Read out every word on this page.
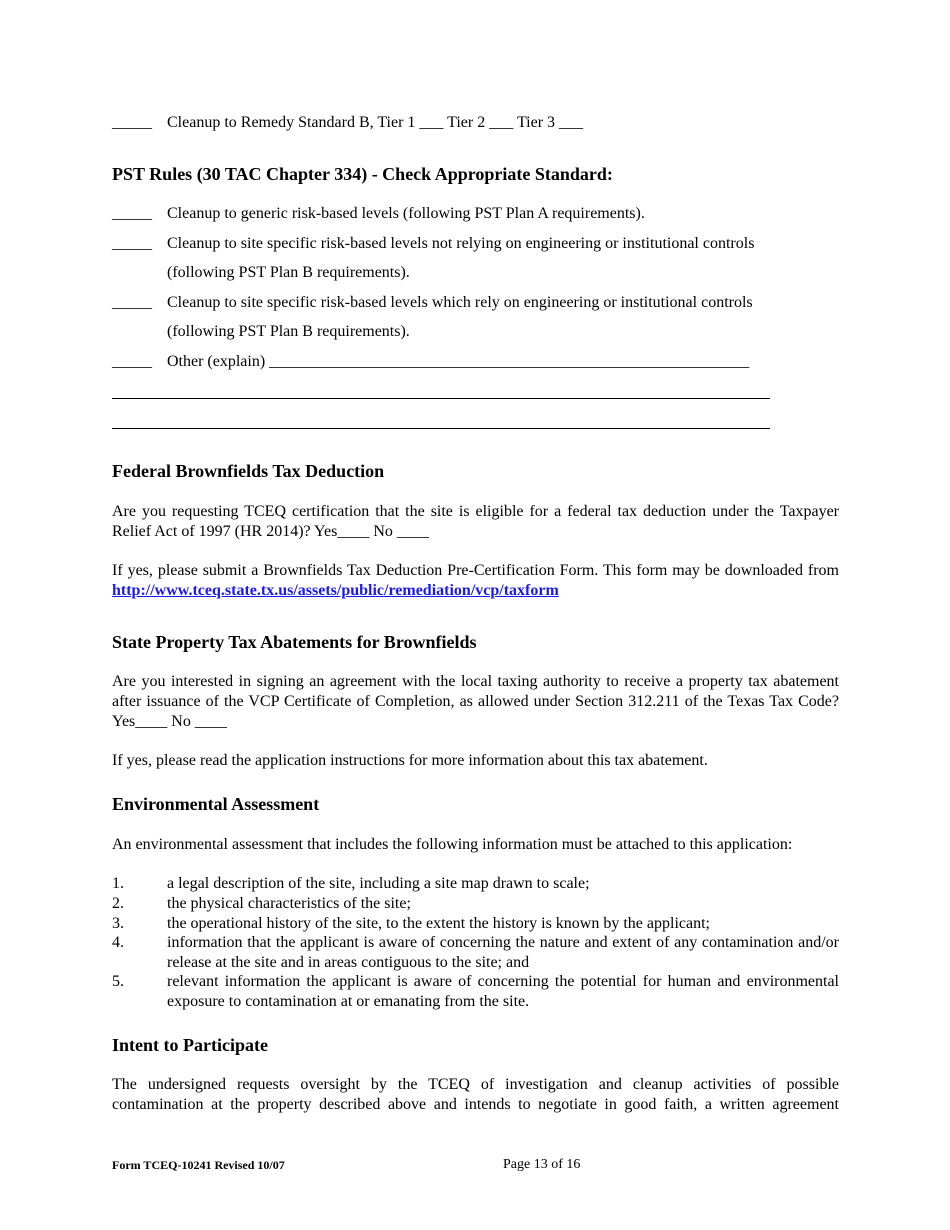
_____ Cleanup to Remedy Standard B, Tier 1 ___ Tier 2 ___ Tier 3 ___
PST Rules (30 TAC Chapter 334) - Check Appropriate Standard:
_____ Cleanup to generic risk-based levels (following PST Plan A requirements).
_____ Cleanup to site specific risk-based levels not relying on engineering or institutional controls
(following PST Plan B requirements).
_____ Cleanup to site specific risk-based levels which rely on engineering or institutional controls
(following PST Plan B requirements).
_____ Other (explain) ____________________________________________________________
Federal Brownfields Tax Deduction
Are you requesting TCEQ certification that the site is eligible for a federal tax deduction under the Taxpayer Relief Act of 1997 (HR 2014)? Yes____ No ____
If yes, please submit a Brownfields Tax Deduction Pre-Certification Form. This form may be downloaded from http://www.tceq.state.tx.us/assets/public/remediation/vcp/taxform
State Property Tax Abatements for Brownfields
Are you interested in signing an agreement with the local taxing authority to receive a property tax abatement after issuance of the VCP Certificate of Completion, as allowed under Section 312.211 of the Texas Tax Code? Yes____ No ____
If yes, please read the application instructions for more information about this tax abatement.
Environmental Assessment
An environmental assessment that includes the following information must be attached to this application:
1.	a legal description of the site, including a site map drawn to scale;
2.	the physical characteristics of the site;
3.	the operational history of the site, to the extent the history is known by the applicant;
4.	information that the applicant is aware of concerning the nature and extent of any contamination and/or release at the site and in areas contiguous to the site; and
5.	relevant information the applicant is aware of concerning the potential for human and environmental exposure to contamination at or emanating from the site.
Intent to Participate
The undersigned requests oversight by the TCEQ of investigation and cleanup activities of possible contamination at the property described above and intends to negotiate in good faith, a written agreement
Form TCEQ-10241 Revised 10/07	Page 13 of 16
